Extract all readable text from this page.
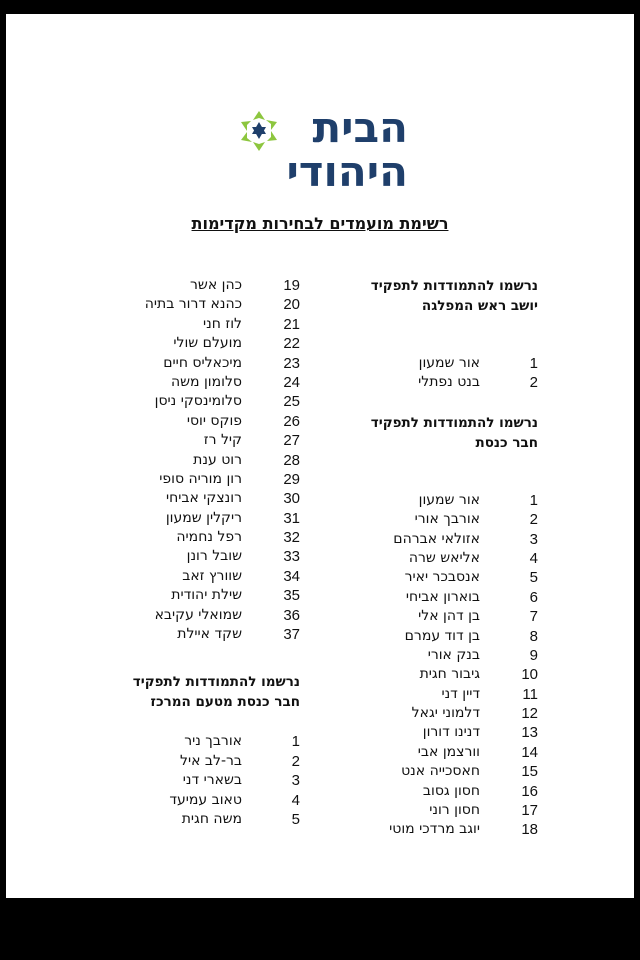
הבית
היהודי
רשימת מועמדים לבחירות מקדימות

נרשמו להתמודדות לתפקיד
יושב ראש המפלגה

1
אור שמעון
2
בנט נפתלי

נרשמו להתמודדות לתפקיד
חבר כנסת

1
אור שמעון
2
אורבך אורי
3
אזולאי אברהם
4
אליאש שרה
5
אנסבכר יאיר
6
בוארון אביחי
7
בן דהן אלי
8
בן דוד עמרם
9
בנק אורי
10
גיבור חגית
11
דיין דני
12
דלמוני יגאל
13
דנינו דורון
14
וורצמן אבי
15
חאסכייה אנט
16
חסון גסוב
17
חסון רוני
18
יוגב מרדכי מוטי
19
כהן אשר
20
כהנא דרור בתיה
21
לוז חני
22
מועלם שולי
23
מיכאליס חיים
24
סלומון משה
25
סלומינסקי ניסן
26
פוקס יוסי
27
קיל רז
28
רוט ענת
29
רון מוריה סופי
30
רונצקי אביחי
31
ריקלין שמעון
32
רפל נחמיה
33
שובל רונן
34
שוורץ זאב
35
שילת יהודית
36
שמואלי עקיבא
37
שקד איילת

נרשמו להתמודדות לתפקיד
חבר כנסת מטעם המרכז

1
אורבך ניר
2
בר-לב איל
3
בשארי דני
4
טאוב עמיעד
5
משה חגית
